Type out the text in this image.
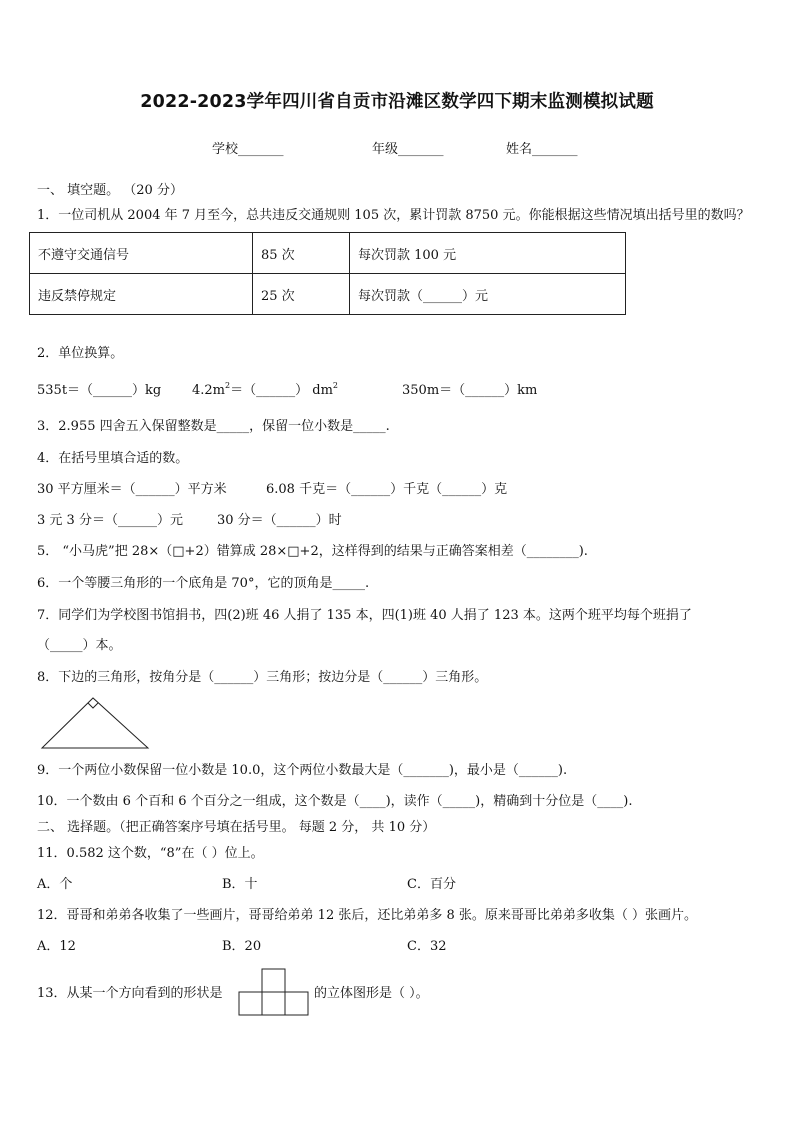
2022-2023学年四川省自贡市沿滩区数学四下期末监测模拟试题
学校_______	年级_______	姓名_______
一、 填空题。 （20 分）
1．一位司机从 2004 年 7 月至今，总共违反交通规则 105 次，累计罚款 8750 元。你能根据这些情况填出括号里的数吗？
不遵守交通信号	85 次	每次罚款 100 元
违反禁停规定	25 次	每次罚款（______）元
2．单位换算。
535t＝（______）kg $4.2m^2=(\_\_\_\_\_\_)$ $dm^2$	350m＝（______）km
3．2.955 四舍五入保留整数是_____，保留一位小数是_____.
4．在括号里填合适的数。
30 平方厘米＝（______）平方米	6.08 千克＝（______）千克（______）克
3 元 3 分＝（______）元	30 分＝（______）时
5． “小马虎”把 28×（□+2）错算成 28×□+2，这样得到的结果与正确答案相差（________).
6．一个等腰三角形的一个底角是 70°，它的顶角是_____.
7．同学们为学校图书馆捐书，四(2)班 46 人捐了 135 本，四(1)班 40 人捐了 123 本。这两个班平均每个班捐了
（_____）本。
8．下边的三角形，按角分是（______）三角形；按边分是（______）三角形。
9．一个两位小数保留一位小数是 10.0，这个两位小数最大是（_______)，最小是（______).
10．一个数由 6 个百和 6 个百分之一组成，这个数是（____)，读作（_____)，精确到十分位是（____).
二、 选择题。（把正确答案序号填在括号里。 每题 2 分， 共 10 分）
11．0.582 这个数，“8”在（ ）位上。
A．个	B．十	C．百分
12．哥哥和弟弟各收集了一些画片，哥哥给弟弟 12 张后，还比弟弟多 8 张。原来哥哥比弟弟多收集（ ）张画片。
A．12	B．20	C．32
13．从某一个方向看到的形状是	的立体图形是（ ）。
